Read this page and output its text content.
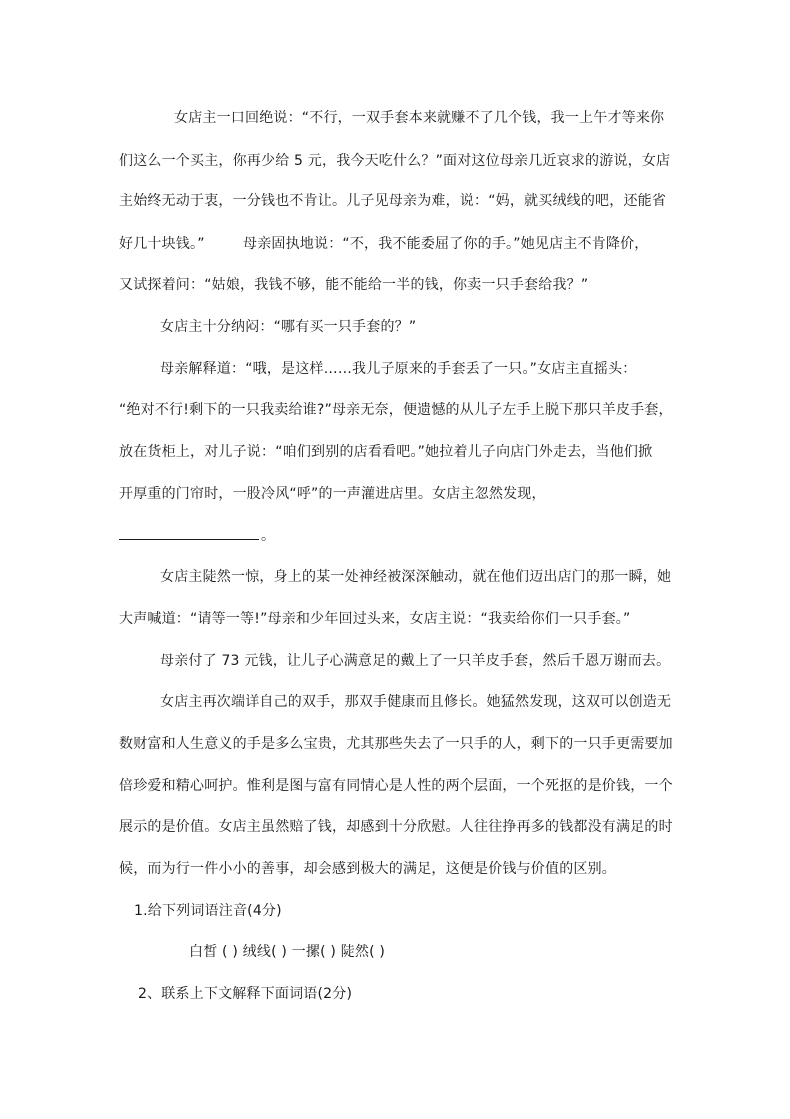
女店主一口回绝说：“不行，一双手套本来就赚不了几个钱，我一上午才等来你
们这么一个买主，你再少给 5 元，我今天吃什么？”面对这位母亲几近哀求的游说，女店
主始终无动于衷，一分钱也不肯让。儿子见母亲为难，说：“妈，就买绒线的吧，还能省
好几十块钱。”	母亲固执地说：“不，我不能委屈了你的手。”她见店主不肯降价，
又试探着问：“姑娘，我钱不够，能不能给一半的钱，你卖一只手套给我？”
女店主十分纳闷：“哪有买一只手套的？”
母亲解释道：“哦，是这样……我儿子原来的手套丢了一只。”女店主直摇头：
“绝对不行!剩下的一只我卖给谁?”母亲无奈，便遗憾的从儿子左手上脱下那只羊皮手套，
放在货柜上，对儿子说：“咱们到别的店看看吧。”她拉着儿子向店门外走去，当他们掀
开厚重的门帘时，一股冷风“呼”的一声灌进店里。女店主忽然发现，
。
女店主陡然一惊，身上的某一处神经被深深触动，就在他们迈出店门的那一瞬，她
大声喊道：“请等一等!”母亲和少年回过头来，女店主说：“我卖给你们一只手套。”
母亲付了 73 元钱，让儿子心满意足的戴上了一只羊皮手套，然后千恩万谢而去。
女店主再次端详自己的双手，那双手健康而且修长。她猛然发现，这双可以创造无
数财富和人生意义的手是多么宝贵，尤其那些失去了一只手的人，剩下的一只手更需要加
倍珍爱和精心呵护。惟利是图与富有同情心是人性的两个层面，一个死抠的是价钱，一个
展示的是价值。女店主虽然赔了钱，却感到十分欣慰。人往往挣再多的钱都没有满足的时
候，而为行一件小小的善事，却会感到极大的满足，这便是价钱与价值的区别。
1.给下列词语注音(4分)
白皙 ( ) 绒线( ) 一摞( ) 陡然( )
2、联系上下文解释下面词语(2分)
